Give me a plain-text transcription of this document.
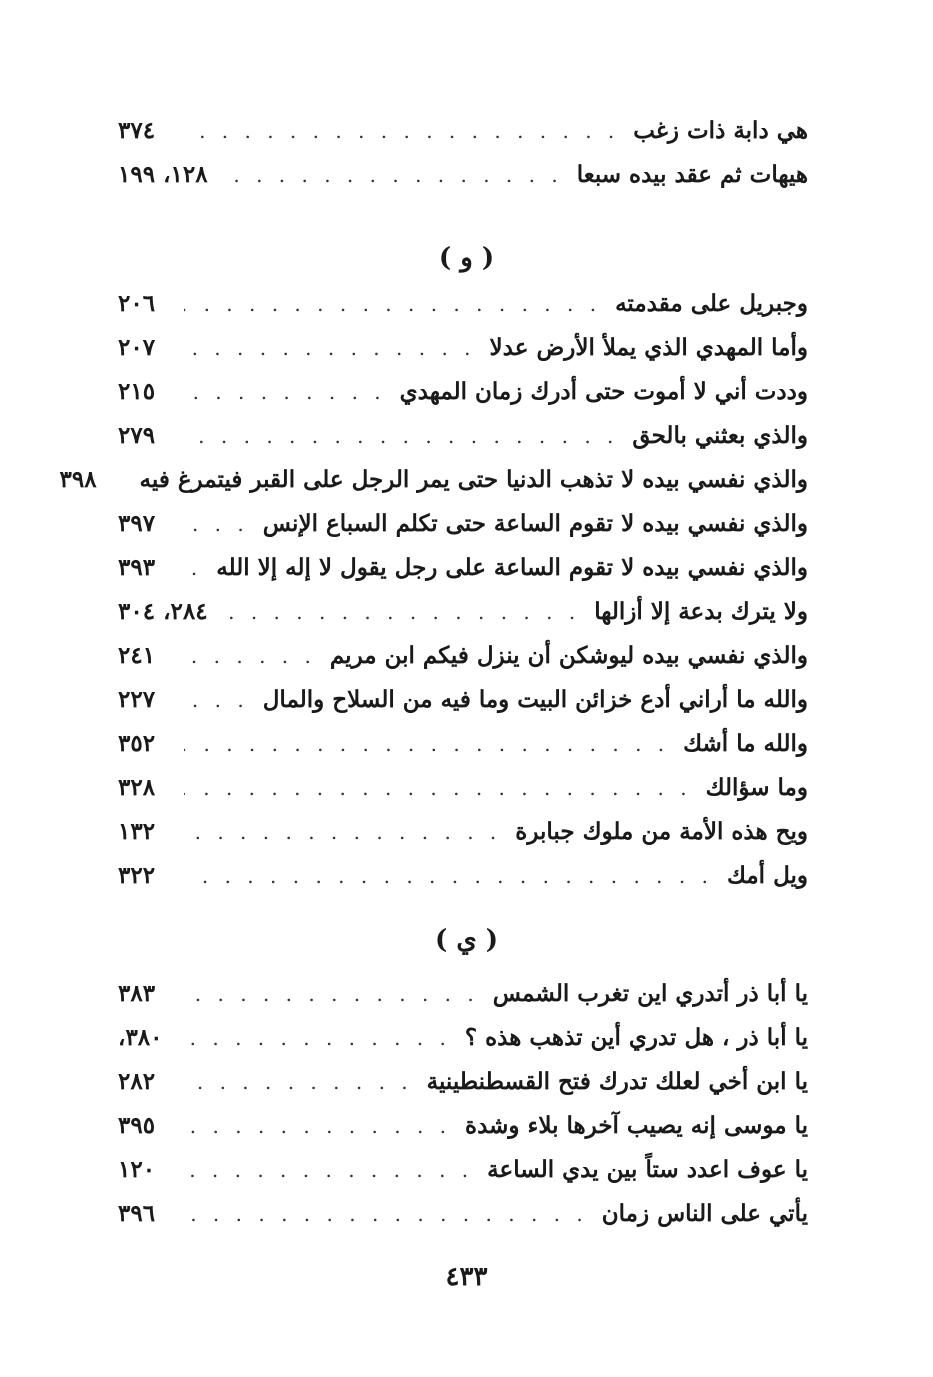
هي دابة ذات زغب
. . .
٣٧٤
هيهات ثم عقد بيده سبعا
. . .
١٢٨، ١٩٩
( و )
وجبريل على مقدمته
. . .
٢٠٦
وأما المهدي الذي يملأ الأرض عدلا
. . .
٢٠٧
وددت أني لا أموت حتى أدرك زمان المهدي
. . .
٢١٥
والذي بعثني بالحق
. . .
٢٧٩
والذي نفسي بيده لا تذهب الدنيا حتى يمر الرجل على القبر فيتمرغ فيه
٣٩٨
والذي نفسي بيده لا تقوم الساعة حتى تكلم السباع الإنس
. . .
٣٩٧
والذي نفسي بيده لا تقوم الساعة على رجل يقول لا إله إلا الله
. . .
٣٩٣
ولا يترك بدعة إلا أزالها
. . .
٢٨٤، ٣٠٤
والذي نفسي بيده ليوشكن أن ينزل فيكم ابن مريم
. . .
٢٤١
والله ما أراني أدع خزائن البيت وما فيه من السلاح والمال
. . .
٢٢٧
والله ما أشك
. . .
٣٥٢
وما سؤالك
. . .
٣٢٨
ويح هذه الأمة من ملوك جبابرة
. . .
١٣٢
ويل أمك
. . .
٣٢٢
( ي )
يا أبا ذر أتدري اين تغرب الشمس
. . .
٣٨٣
يا أبا ذر ، هل تدري أين تذهب هذه ؟
. . .
٣٨٠،
يا ابن أخي لعلك تدرك فتح القسطنطينية
. . .
٢٨٢
يا موسى إنه يصيب آخرها بلاء وشدة
. . .
٣٩٥
يا عوف اعدد ستاً بين يدي الساعة
. . .
١٢٠
يأتي على الناس زمان
. . .
٣٩٦
٤٣٣
